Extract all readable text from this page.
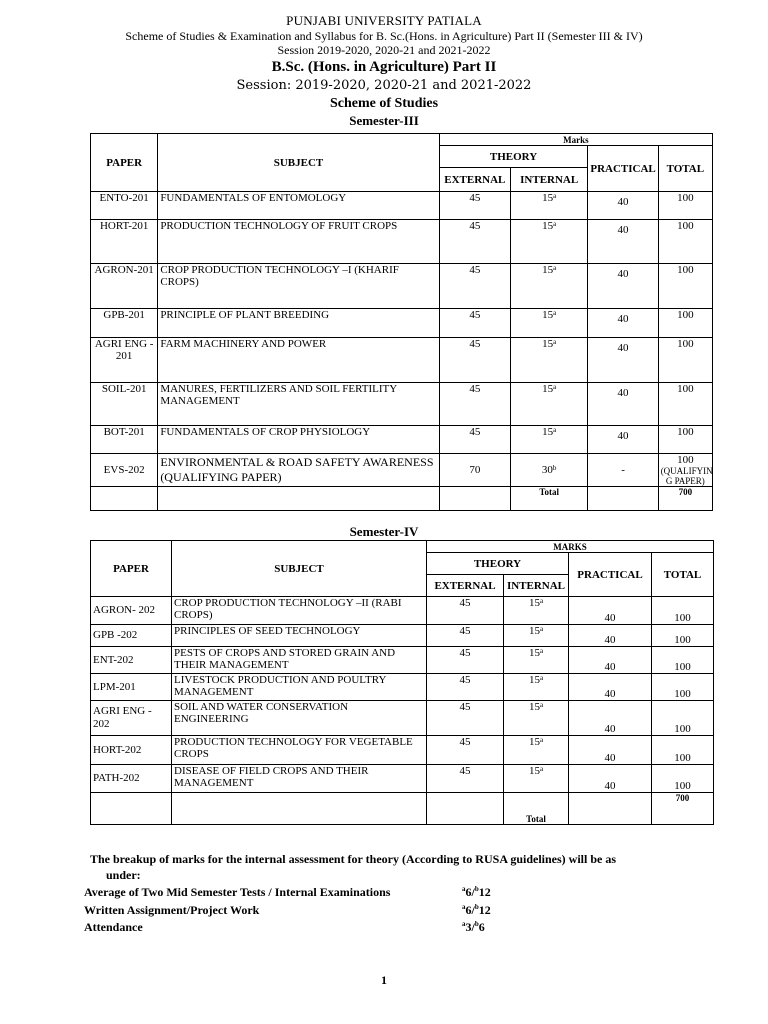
PUNJABI UNIVERSITY PATIALA
Scheme of Studies & Examination and Syllabus for B. Sc.(Hons. in Agriculture) Part II (Semester III & IV)
Session 2019-2020, 2020-21 and 2021-2022
B.Sc. (Hons. in Agriculture) Part II
Session: 2019-2020, 2020-21 and 2021-2022
Scheme of Studies
Semester-III
PAPER	SUBJECT	Marks			
		THEORY		PRACTICAL	TOTAL
		EXTERNAL	INTERNAL		
ENTO-201	FUNDAMENTALS OF ENTOMOLOGY	45	15$^a$	40	100

HORT-201	PRODUCTION TECHNOLOGY OF FRUIT CROPS	45	15$^a$	40	100

AGRON-201	CROP PRODUCTION TECHNOLOGY –I (KHARIF CROPS)	45	15$^a$	40	100

GPB-201	PRINCIPLE OF PLANT BREEDING	45	15$^a$	40	100

AGRI ENG - 201	FARM MACHINERY AND POWER	45	15$^a$	40	100

SOIL-201	MANURES, FERTILIZERS AND SOIL FERTILITY MANAGEMENT	45	15$^a$	40	100

BOT-201	FUNDAMENTALS OF CROP PHYSIOLOGY	45	15$^a$	40	100

EVS-202	ENVIRONMENTAL & ROAD SAFETY AWARENESS (QUALIFYING PAPER)	70	30$^b$	-	100
(QUALIFYIN G PAPER)

			Total		700
Semester-IV
PAPER	SUBJECT	MARKS			
		THEORY		PRACTICAL	TOTAL
		EXTERNAL	INTERNAL		
AGRON- 202	CROP PRODUCTION TECHNOLOGY –II (RABI CROPS)	45	15$^a$	40	100
GPB -202	PRINCIPLES OF SEED TECHNOLOGY	45	15$^a$	40	100
ENT-202	PESTS OF CROPS AND STORED GRAIN AND THEIR MANAGEMENT	45	15$^a$	40	100
LPM-201	LIVESTOCK PRODUCTION AND POULTRY MANAGEMENT	45	15$^a$	40	100
AGRI ENG - 202	SOIL AND WATER CONSERVATION ENGINEERING	45	15$^a$	40	100
HORT-202	PRODUCTION TECHNOLOGY FOR VEGETABLE CROPS	45	15$^a$	40	100
PATH-202	DISEASE OF FIELD CROPS AND THEIR MANAGEMENT	45	15$^a$	40	100
			Total		700
The breakup of marks for the internal assessment for theory (According to RUSA guidelines) will be as
under:
Average of Two Mid Semester Tests / Internal Examinations	$^a$6/$^b$12
Written Assignment/Project Work	$^a$6/$^b$12
Attendance	$^a$3/$^b$6
1
